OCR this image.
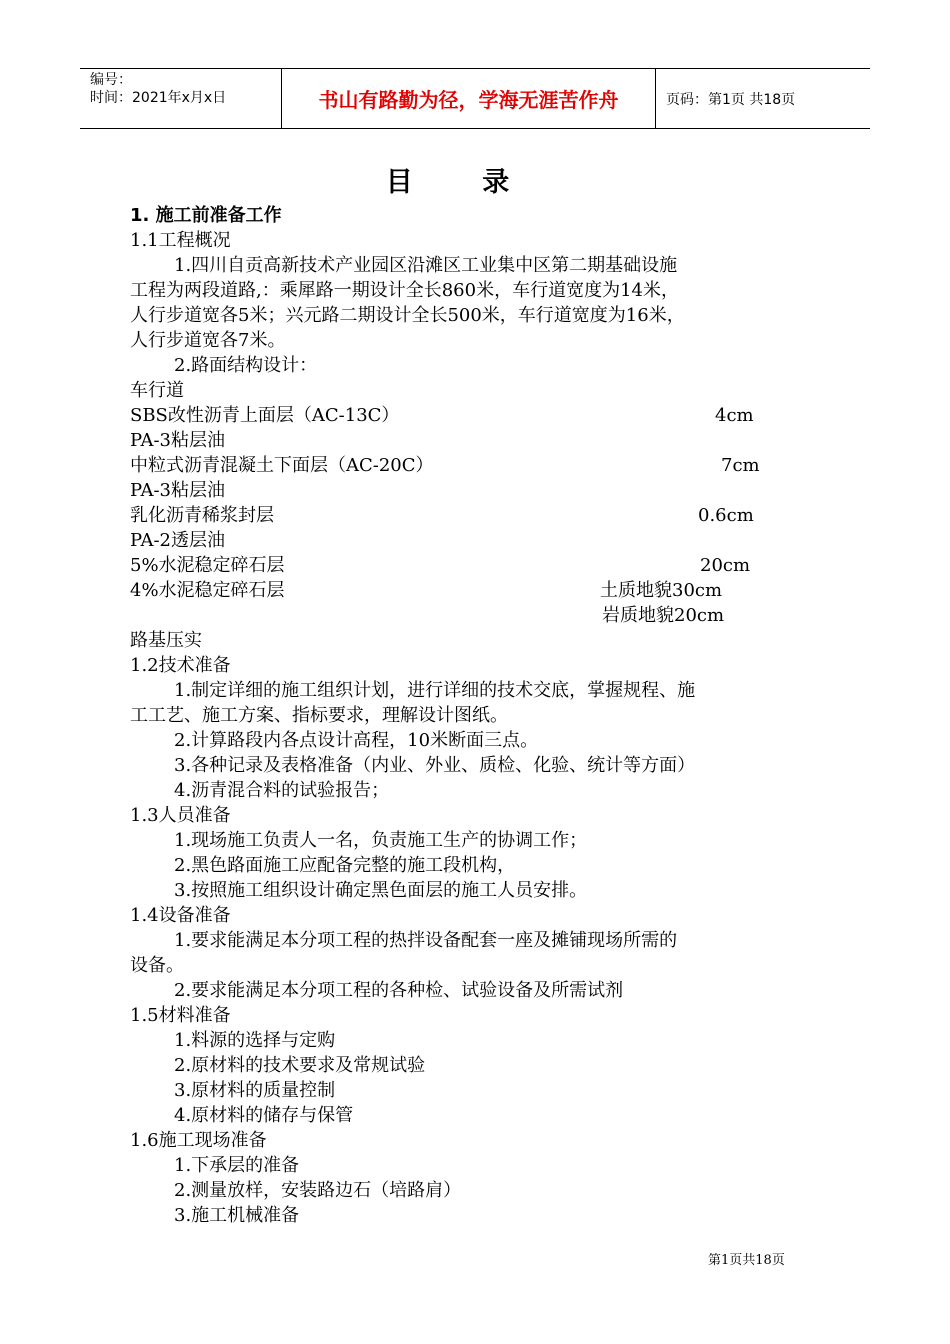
编号：
时间：2021年x月x日	书山有路勤为径，学海无涯苦作舟	页码：第1页 共18页
目 录
1. 施工前准备工作
1.1工程概况
1.四川自贡高新技术产业园区沿滩区工业集中区第二期基础设施
工程为两段道路,：乘犀路一期设计全长860米，车行道宽度为14米，
人行步道宽各5米；兴元路二期设计全长500米，车行道宽度为16米，
人行步道宽各7米。
2.路面结构设计：
车行道
SBS改性沥青上面层（AC-13C）	4cm
PA-3粘层油
中粒式沥青混凝土下面层（AC-20C）	7cm
PA-3粘层油
乳化沥青稀浆封层	0.6cm
PA-2透层油
5%水泥稳定碎石层	20cm
4%水泥稳定碎石层	土质地貌30cm
岩质地貌20cm
路基压实
1.2技术准备
1.制定详细的施工组织计划，进行详细的技术交底，掌握规程、施
工工艺、施工方案、指标要求，理解设计图纸。
2.计算路段内各点设计高程，10米断面三点。
3.各种记录及表格准备（内业、外业、质检、化验、统计等方面）
4.沥青混合料的试验报告；
1.3人员准备
1.现场施工负责人一名，负责施工生产的协调工作；
2.黑色路面施工应配备完整的施工段机构，
3.按照施工组织设计确定黑色面层的施工人员安排。
1.4设备准备
1.要求能满足本分项工程的热拌设备配套一座及摊铺现场所需的
设备。
2.要求能满足本分项工程的各种检、试验设备及所需试剂
1.5材料准备
1.料源的选择与定购
2.原材料的技术要求及常规试验
3.原材料的质量控制
4.原材料的储存与保管
1.6施工现场准备
1.下承层的准备
2.测量放样，安装路边石（培路肩）
3.施工机械准备
第1页共18页
